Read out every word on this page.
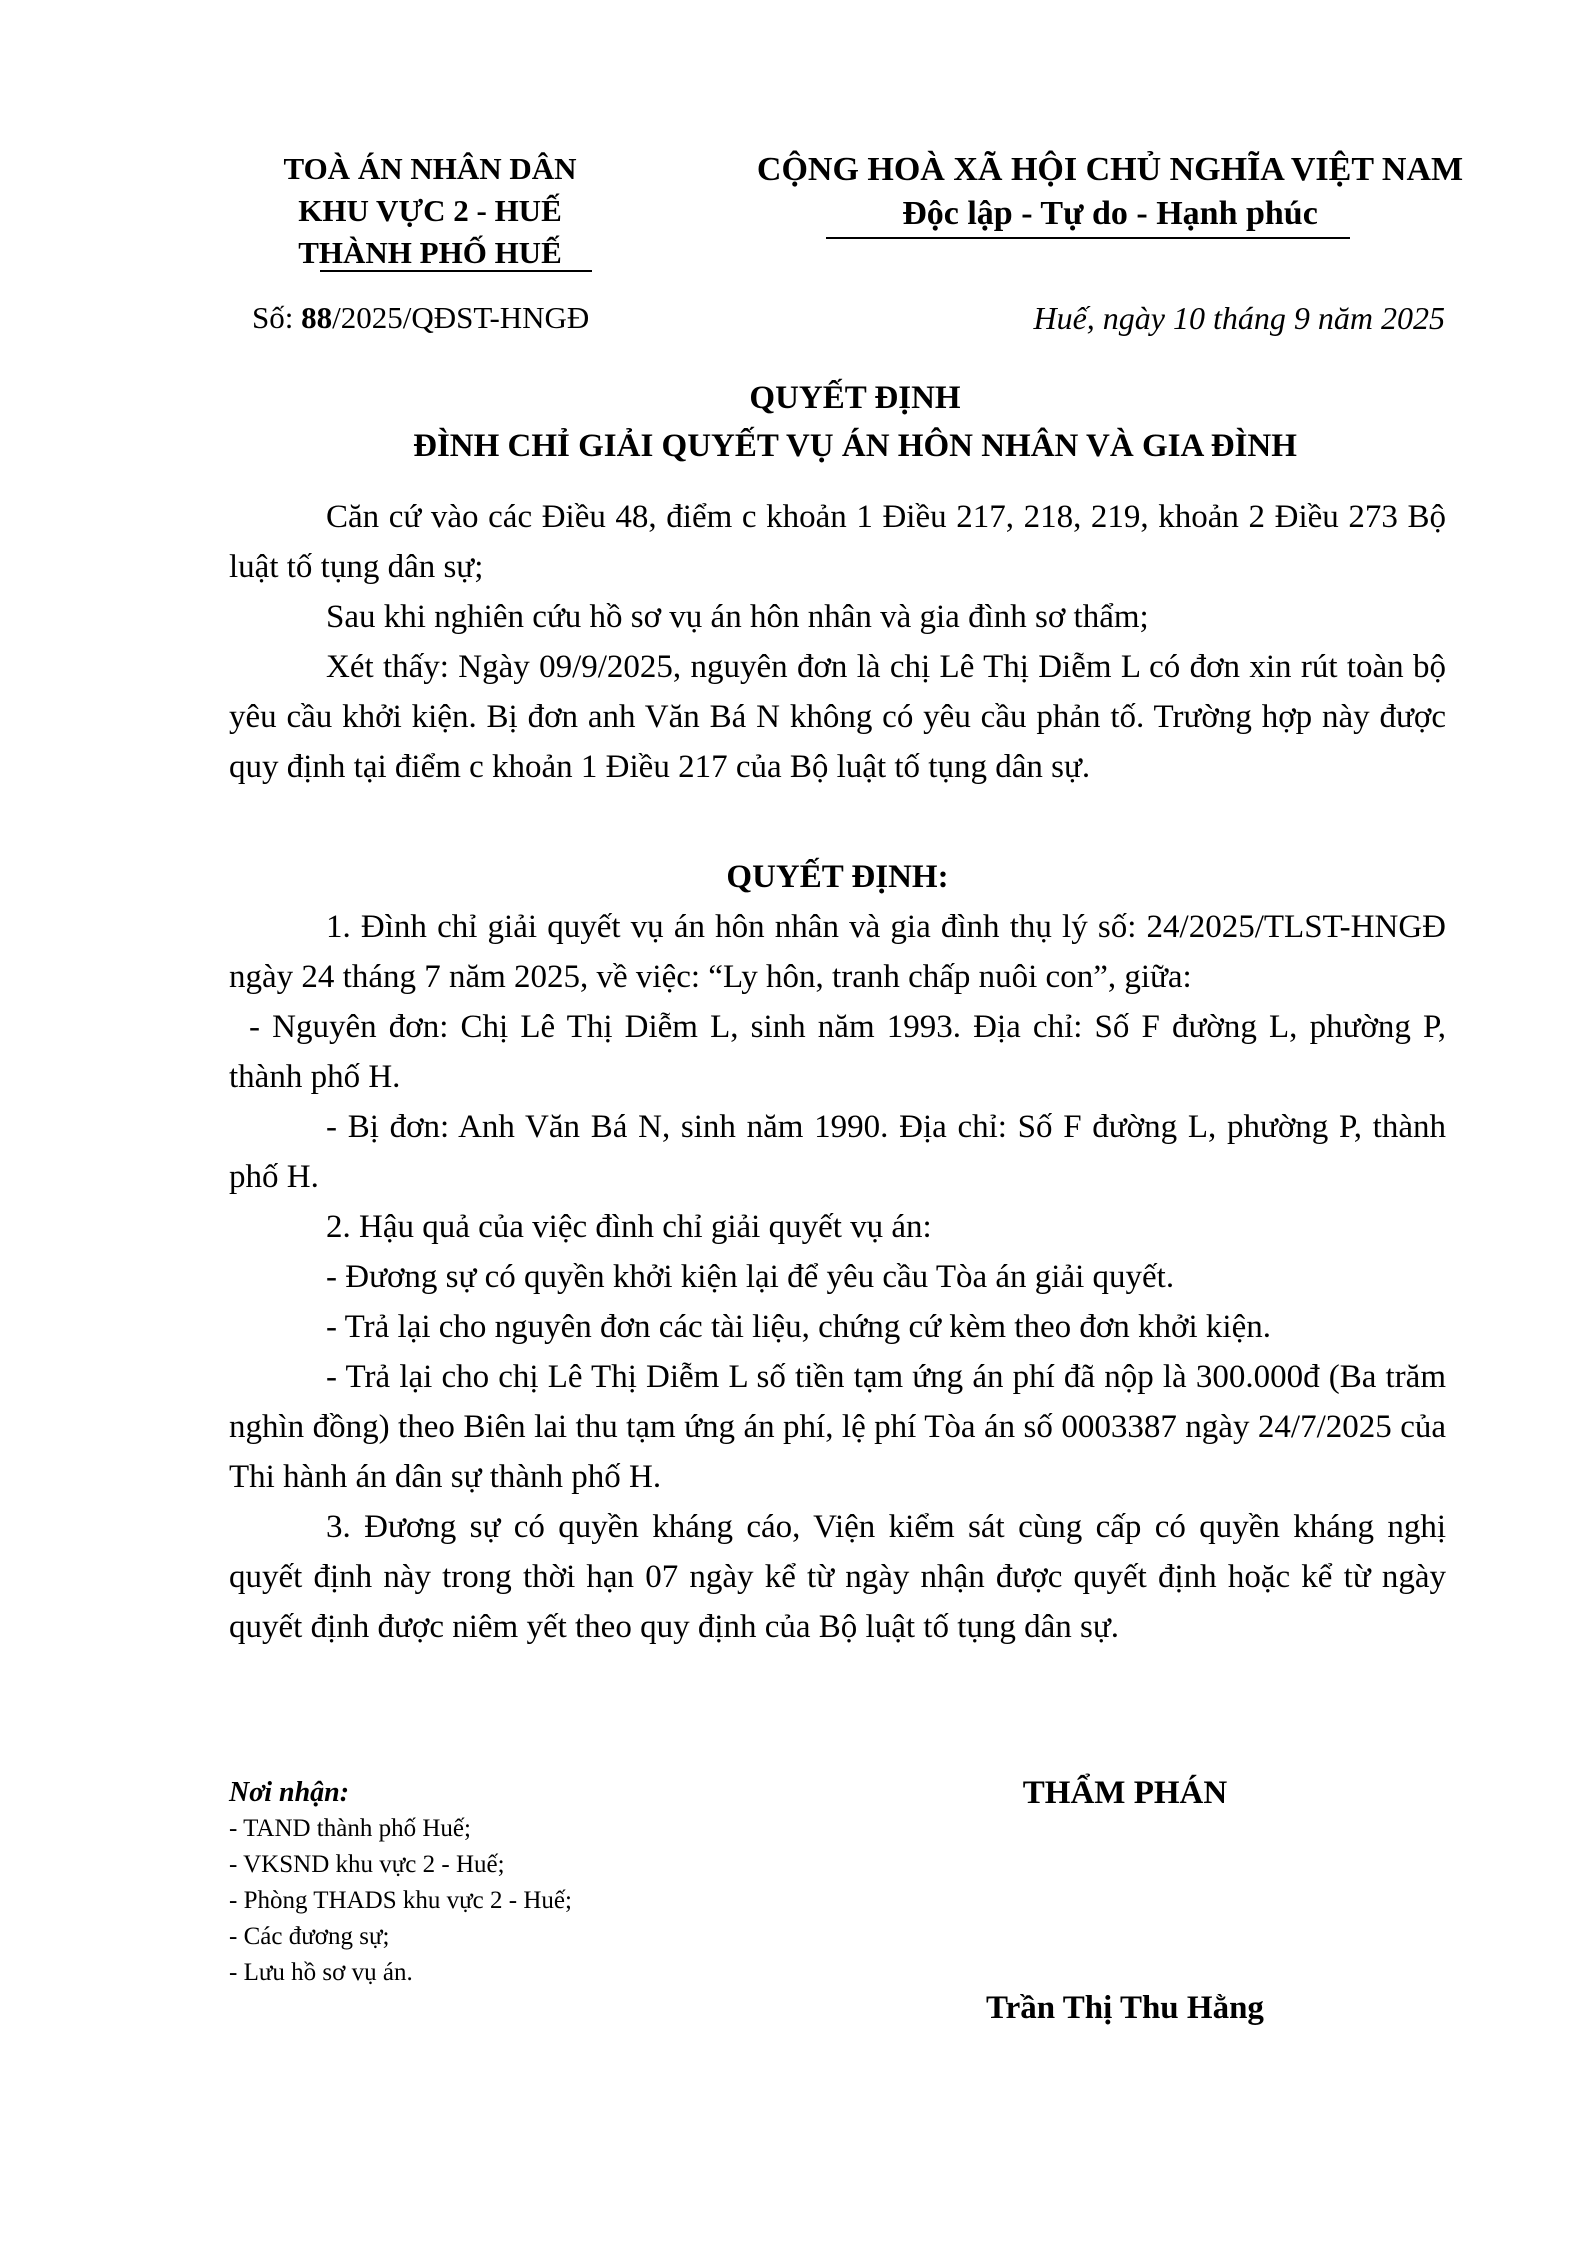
TOÀ ÁN NHÂN DÂN
KHU VỰC 2 - HUẾ
THÀNH PHỐ HUẾ
CỘNG HOÀ XÃ HỘI CHỦ NGHĨA VIỆT NAM
Độc lập - Tự do - Hạnh phúc
Số: 88/2025/QĐST-HNGĐ	Huế, ngày 10 tháng 9 năm 2025
QUYẾT ĐỊNH
ĐÌNH CHỈ GIẢI QUYẾT VỤ ÁN HÔN NHÂN VÀ GIA ĐÌNH

Căn cứ vào các Điều 48, điểm c khoản 1 Điều 217, 218, 219, khoản 2 Điều 273 Bộ luật tố tụng dân sự;

Sau khi nghiên cứu hồ sơ vụ án hôn nhân và gia đình sơ thẩm;

Xét thấy: Ngày 09/9/2025, nguyên đơn là chị Lê Thị Diễm L có đơn xin rút toàn bộ yêu cầu khởi kiện. Bị đơn anh Văn Bá N không có yêu cầu phản tố. Trường hợp này được quy định tại điểm c khoản 1 Điều 217 của Bộ luật tố tụng dân sự.

QUYẾT ĐỊNH:

1. Đình chỉ giải quyết vụ án hôn nhân và gia đình thụ lý số: 24/2025/TLST-HNGĐ ngày 24 tháng 7 năm 2025, về việc: “Ly hôn, tranh chấp nuôi con”, giữa:

- Nguyên đơn: Chị Lê Thị Diễm L, sinh năm 1993. Địa chỉ: Số F đường L, phường P, thành phố H.

- Bị đơn: Anh Văn Bá N, sinh năm 1990. Địa chỉ: Số F đường L, phường P, thành phố H.

2. Hậu quả của việc đình chỉ giải quyết vụ án:

- Đương sự có quyền khởi kiện lại để yêu cầu Tòa án giải quyết.

- Trả lại cho nguyên đơn các tài liệu, chứng cứ kèm theo đơn khởi kiện.

- Trả lại cho chị Lê Thị Diễm L số tiền tạm ứng án phí đã nộp là 300.000đ (Ba trăm nghìn đồng) theo Biên lai thu tạm ứng án phí, lệ phí Tòa án số 0003387 ngày 24/7/2025 của Thi hành án dân sự thành phố H.

3. Đương sự có quyền kháng cáo, Viện kiểm sát cùng cấp có quyền kháng nghị quyết định này trong thời hạn 07 ngày kể từ ngày nhận được quyết định hoặc kể từ ngày quyết định được niêm yết theo quy định của Bộ luật tố tụng dân sự.

Nơi nhận:
- TAND thành phố Huế;
- VKSND khu vực 2 - Huế;
- Phòng THADS khu vực 2 - Huế;
- Các đương sự;
- Lưu hồ sơ vụ án.
THẨM PHÁN
Trần Thị Thu Hằng
